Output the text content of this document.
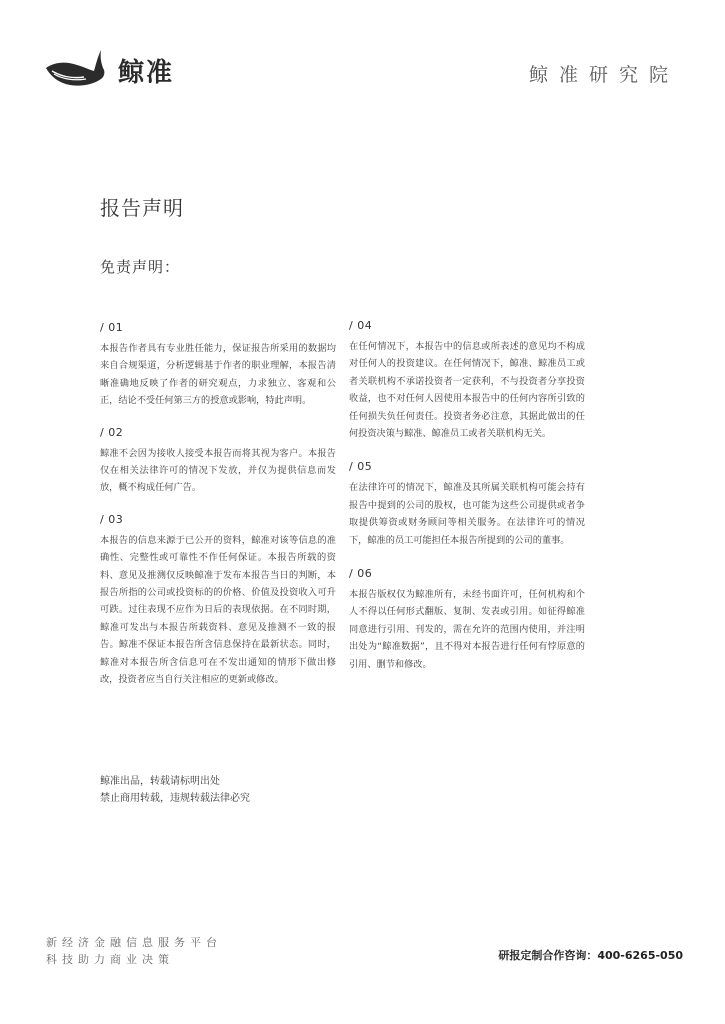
鲸准	鲸准研究院
报告声明
免责声明：
/ 01
本报告作者具有专业胜任能力，保证报告所采用的数据均来自合规渠道，分析逻辑基于作者的职业理解，本报告清晰准确地反映了作者的研究观点，力求独立、客观和公正，结论不受任何第三方的授意或影响，特此声明。
/ 02
鲸准不会因为接收人接受本报告而将其视为客户。本报告仅在相关法律许可的情况下发放，并仅为提供信息而发放，概不构成任何广告。
/ 03
本报告的信息来源于已公开的资料，鲸准对该等信息的准确性、完整性或可靠性不作任何保证。本报告所载的资料、意见及推测仅反映鲸准于发布本报告当日的判断，本报告所指的公司或投资标的的价格、价值及投资收入可升可跌。过往表现不应作为日后的表现依据。在不同时期，鲸准可发出与本报告所载资料、意见及推测不一致的报告。鲸准不保证本报告所含信息保持在最新状态。同时，鲸准对本报告所含信息可在不发出通知的情形下做出修改，投资者应当自行关注相应的更新或修改。
/ 04
在任何情况下，本报告中的信息或所表述的意见均不构成对任何人的投资建议。在任何情况下，鲸准、鲸准员工或者关联机构不承诺投资者一定获利，不与投资者分享投资收益，也不对任何人因使用本报告中的任何内容所引致的任何损失负任何责任。投资者务必注意，其据此做出的任何投资决策与鲸准、鲸准员工或者关联机构无关。
/ 05
在法律许可的情况下，鲸准及其所属关联机构可能会持有报告中提到的公司的股权，也可能为这些公司提供或者争取提供筹资或财务顾问等相关服务。在法律许可的情况下，鲸准的员工可能担任本报告所提到的公司的董事。
/ 06
本报告版权仅为鲸准所有，未经书面许可，任何机构和个人不得以任何形式翻版、复制、发表或引用。如征得鲸准同意进行引用、刊发的，需在允许的范围内使用，并注明出处为“鲸准数据”，且不得对本报告进行任何有悖原意的引用、删节和修改。
鲸准出品，转载请标明出处
禁止商用转载，违规转载法律必究
新经济金融信息服务平台
科技助力商业决策	研报定制合作咨询：400-6265-050
